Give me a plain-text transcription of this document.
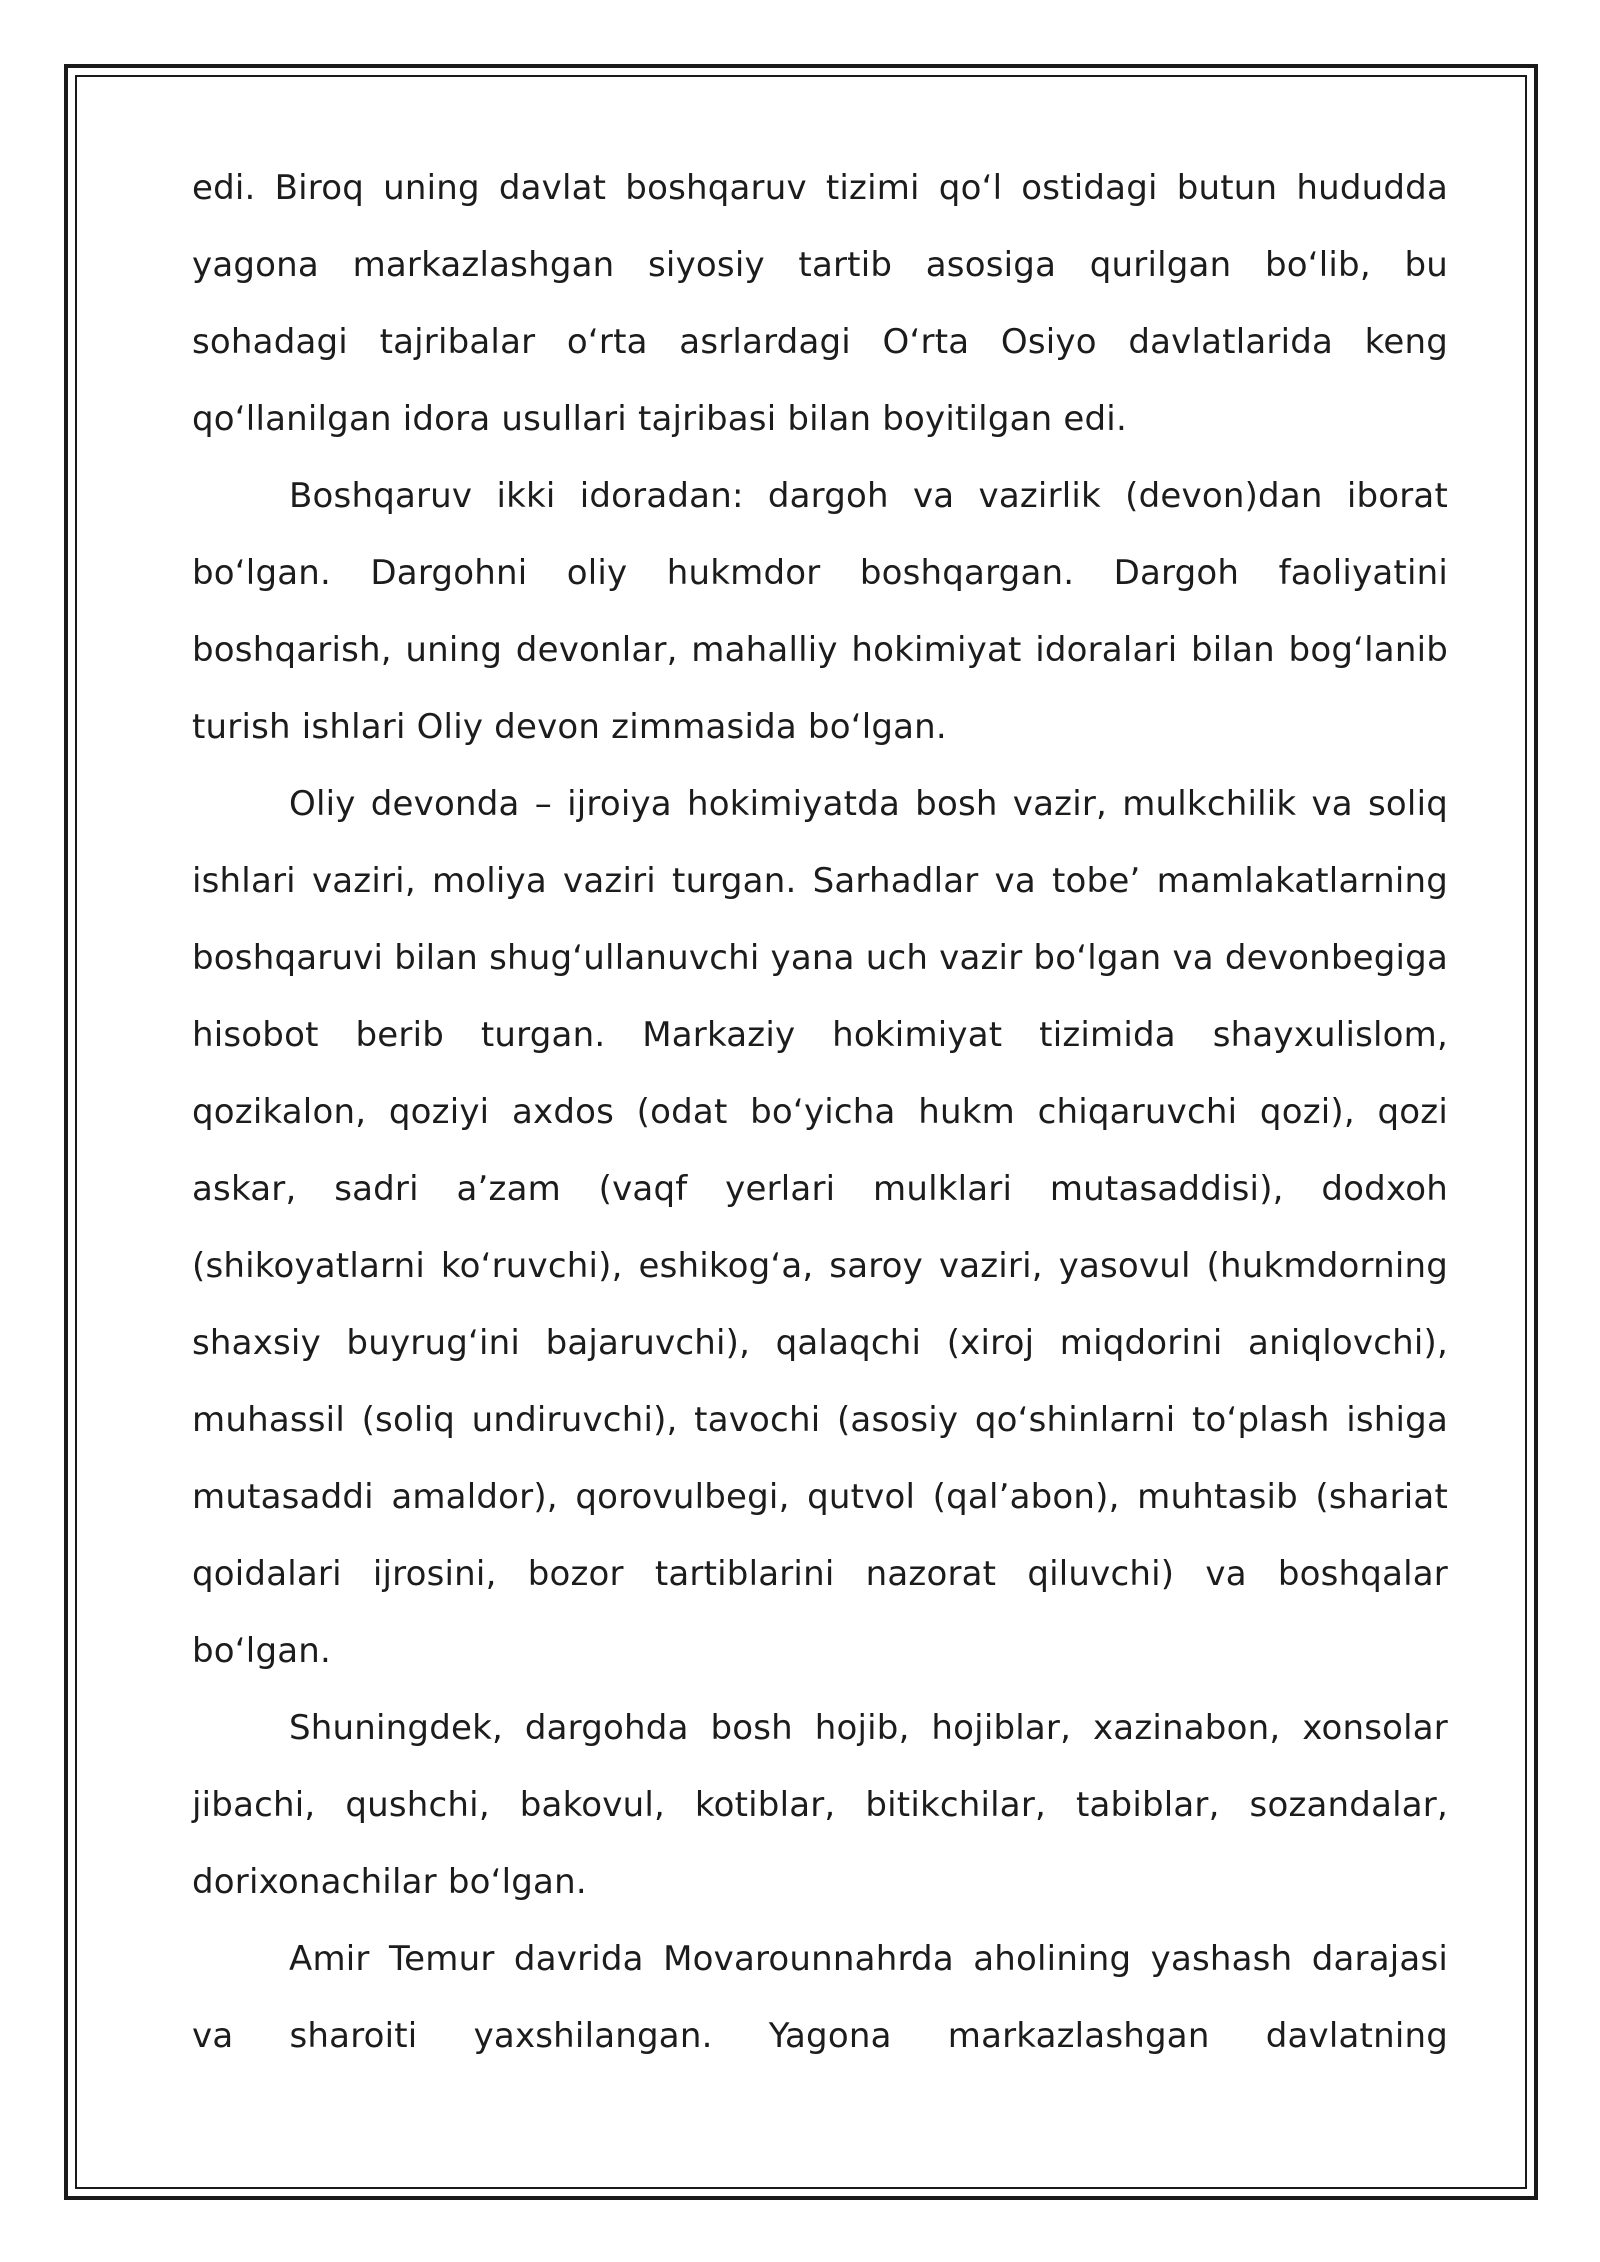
edi. Biroq uning davlat boshqaruv tizimi qo‘l ostidagi butun hududda yagona markazlashgan siyosiy tartib asosiga qurilgan bo‘lib, bu sohadagi tajribalar o‘rta asrlardagi O‘rta Osiyo davlatlarida keng qo‘llanilgan idora usullari tajribasi bilan boyitilgan edi.

Boshqaruv ikki idoradan: dargoh va vazirlik (devon)dan iborat bo‘lgan. Dargohni oliy hukmdor boshqargan. Dargoh faoliyatini boshqarish, uning devonlar, mahalliy hokimiyat idoralari bilan bog‘lanib turish ishlari Oliy devon zimmasida bo‘lgan.

Oliy devonda – ijroiya hokimiyatda bosh vazir, mulkchilik va soliq ishlari vaziri, moliya vaziri turgan. Sarhadlar va tobe’ mamlakatlarning boshqaruvi bilan shug‘ullanuvchi yana uch vazir bo‘lgan va devonbegiga hisobot berib turgan. Markaziy hokimiyat tizimida shayxulislom, qozikalon, qoziyi axdos (odat bo‘yicha hukm chiqaruvchi qozi), qozi askar, sadri a’zam (vaqf yerlari mulklari mutasaddisi), dodxoh (shikoyatlarni ko‘ruvchi), eshikog‘a, saroy vaziri, yasovul (hukmdorning shaxsiy buyrug‘ini bajaruvchi), qalaqchi (xiroj miqdorini aniqlovchi), muhassil (soliq undiruvchi), tavochi (asosiy qo‘shinlarni to‘plash ishiga mutasaddi amaldor), qorovulbegi, qutvol (qal’abon), muhtasib (shariat qoidalari ijrosini, bozor tartiblarini nazorat qiluvchi) va boshqalar bo‘lgan.

Shuningdek, dargohda bosh hojib, hojiblar, xazinabon, xonsolar jibachi, qushchi, bakovul, kotiblar, bitikchilar, tabiblar, sozandalar, dorixonachilar bo‘lgan.

Amir Temur davrida Movarounnahrda aholining yashash darajasi va sharoiti yaxshilangan. Yagona markazlashgan davlatning
